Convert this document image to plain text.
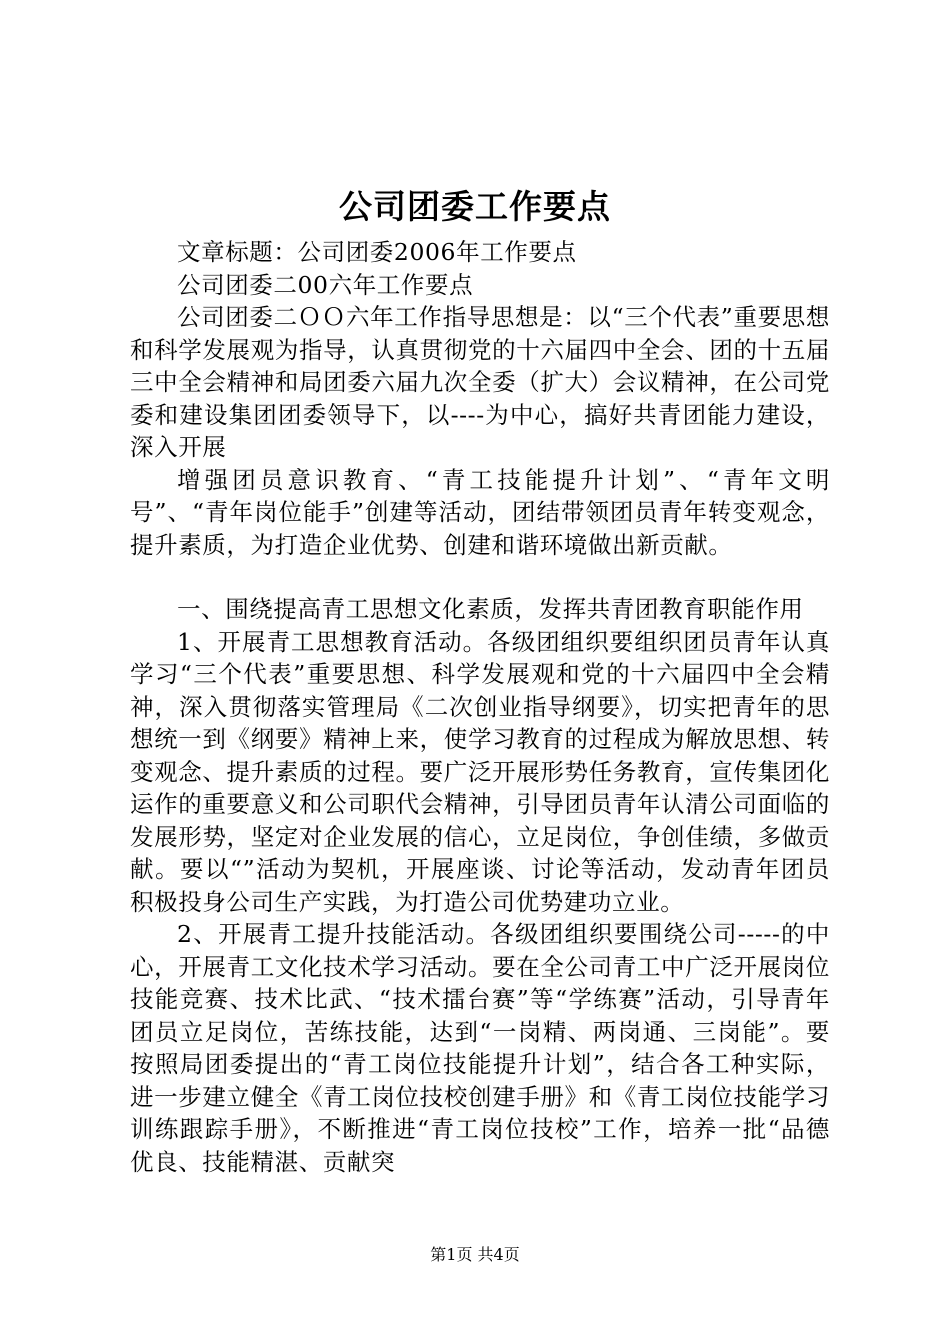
公司团委工作要点

文章标题：公司团委2006年工作要点

公司团委二00六年工作要点

公司团委二ＯＯ六年工作指导思想是：以“三个代表”重要思想和科学发展观为指导，认真贯彻党的十六届四中全会、团的十五届三中全会精神和局团委六届九次全委（扩大）会议精神，在公司党委和建设集团团委领导下，以----为中心，搞好共青团能力建设，深入开展

增强团员意识教育、“青工技能提升计划”、“青年文明号”、“青年岗位能手”创建等活动，团结带领团员青年转变观念，提升素质，为打造企业优势、创建和谐环境做出新贡献。

一、围绕提高青工思想文化素质，发挥共青团教育职能作用

1、开展青工思想教育活动。各级团组织要组织团员青年认真学习“三个代表”重要思想、科学发展观和党的十六届四中全会精神，深入贯彻落实管理局《二次创业指导纲要》，切实把青年的思想统一到《纲要》精神上来，使学习教育的过程成为解放思想、转变观念、提升素质的过程。要广泛开展形势任务教育，宣传集团化运作的重要意义和公司职代会精神，引导团员青年认清公司面临的发展形势，坚定对企业发展的信心，立足岗位，争创佳绩，多做贡献。要以“”活动为契机，开展座谈、讨论等活动，发动青年团员积极投身公司生产实践，为打造公司优势建功立业。

2、开展青工提升技能活动。各级团组织要围绕公司-----的中心，开展青工文化技术学习活动。要在全公司青工中广泛开展岗位技能竞赛、技术比武、“技术擂台赛”等“学练赛”活动，引导青年团员立足岗位，苦练技能，达到“一岗精、两岗通、三岗能”。要按照局团委提出的“青工岗位技能提升计划”，结合各工种实际，进一步建立健全《青工岗位技校创建手册》和《青工岗位技能学习训练跟踪手册》，不断推进“青工岗位技校”工作，培养一批“品德优良、技能精湛、贡献突

第1页 共4页
